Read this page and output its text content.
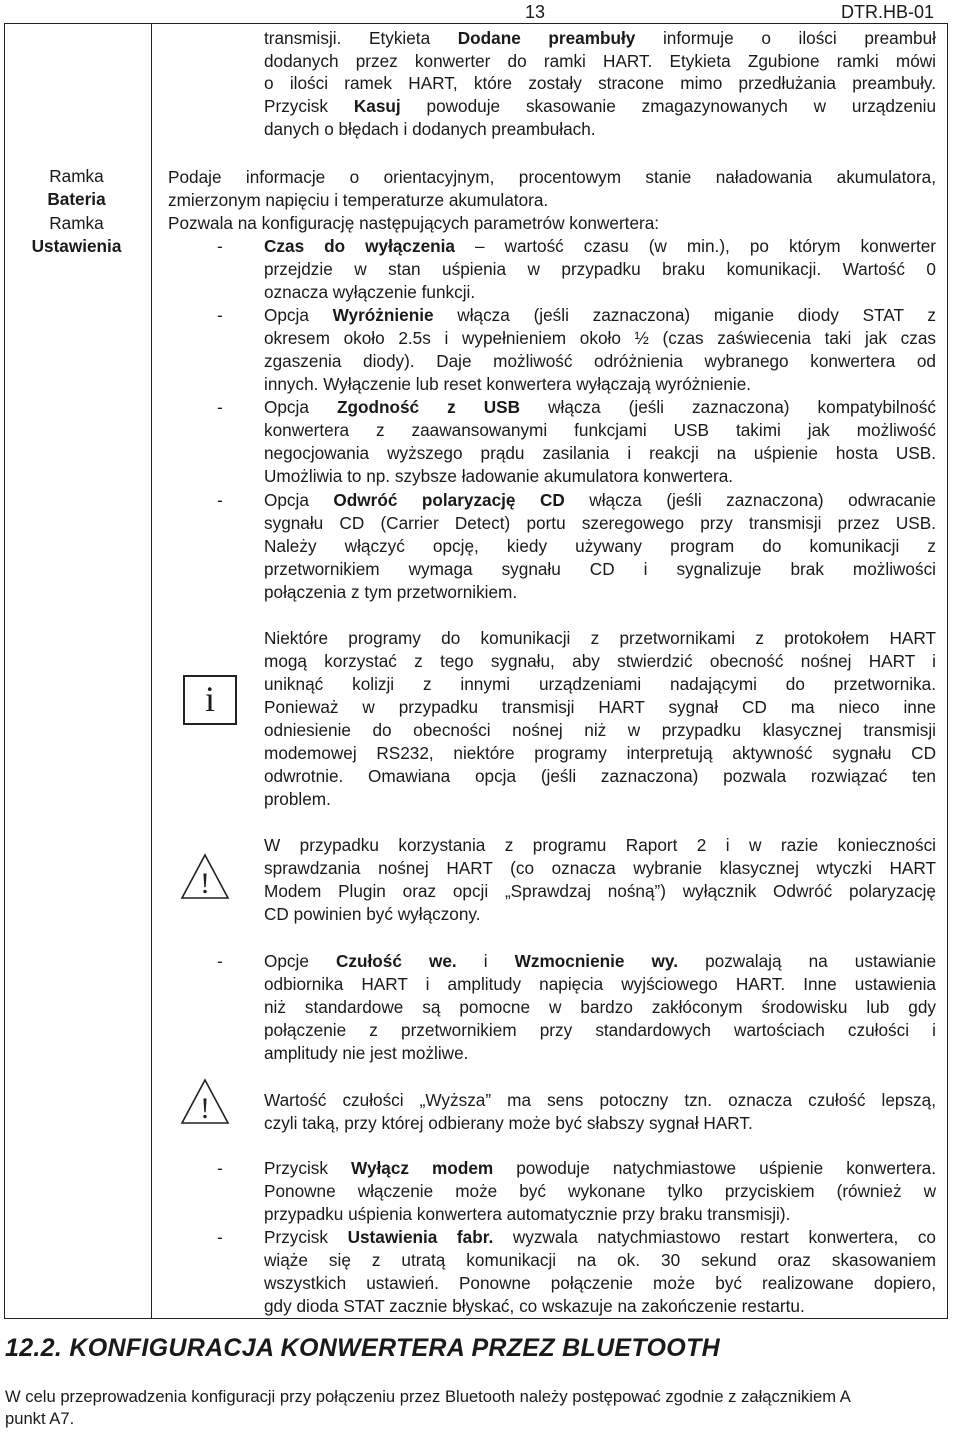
13	DTR.HB-01
transmisji. Etykieta Dodane preambuły informuje o ilości preambuł
dodanych przez konwerter do ramki HART. Etykieta Zgubione ramki mówi
o ilości ramek HART, które zostały stracone mimo przedłużania preambuły.
Przycisk Kasuj powoduje skasowanie zmagazynowanych w urządzeniu
danych o błędach i dodanych preambułach.
Ramka
Bateria
Ramka
Ustawienia
Podaje informacje o orientacyjnym, procentowym stanie naładowania akumulatora,
zmierzonym napięciu i temperaturze akumulatora.
Pozwala na konfigurację następujących parametrów konwertera:
- Czas do wyłączenia – wartość czasu (w min.), po którym konwerter
przejdzie w stan uśpienia w przypadku braku komunikacji. Wartość 0
oznacza wyłączenie funkcji.
- Opcja Wyróżnienie włącza (jeśli zaznaczona) miganie diody STAT z
okresem około 2.5s i wypełnieniem około ½ (czas zaświecenia taki jak czas
zgaszenia diody). Daje możliwość odróżnienia wybranego konwertera od
innych. Wyłączenie lub reset konwertera wyłączają wyróżnienie.
- Opcja Zgodność z USB włącza (jeśli zaznaczona) kompatybilność
konwertera z zaawansowanymi funkcjami USB takimi jak możliwość
negocjowania wyższego prądu zasilania i reakcji na uśpienie hosta USB.
Umożliwia to np. szybsze ładowanie akumulatora konwertera.
- Opcja Odwróć polaryzację CD włącza (jeśli zaznaczona) odwracanie
sygnału CD (Carrier Detect) portu szeregowego przy transmisji przez USB.
Należy włączyć opcję, kiedy używany program do komunikacji z
przetwornikiem wymaga sygnału CD i sygnalizuje brak możliwości
połączenia z tym przetwornikiem.
i
Niektóre programy do komunikacji z przetwornikami z protokołem HART
mogą korzystać z tego sygnału, aby stwierdzić obecność nośnej HART i
uniknąć kolizji z innymi urządzeniami nadającymi do przetwornika.
Ponieważ w przypadku transmisji HART sygnał CD ma nieco inne
odniesienie do obecności nośnej niż w przypadku klasycznej transmisji
modemowej RS232, niektóre programy interpretują aktywność sygnału CD
odwrotnie. Omawiana opcja (jeśli zaznaczona) pozwala rozwiązać ten
problem.
!
W przypadku korzystania z programu Raport 2 i w razie konieczności
sprawdzania nośnej HART (co oznacza wybranie klasycznej wtyczki HART
Modem Plugin oraz opcji „Sprawdzaj nośną”) wyłącznik Odwróć polaryzację
CD powinien być wyłączony.
- Opcje Czułość we. i Wzmocnienie wy. pozwalają na ustawianie
odbiornika HART i amplitudy napięcia wyjściowego HART. Inne ustawienia
niż standardowe są pomocne w bardzo zakłóconym środowisku lub gdy
połączenie z przetwornikiem przy standardowych wartościach czułości i
amplitudy nie jest możliwe.
!	Wartość czułości „Wyższa” ma sens potoczny tzn. oznacza czułość lepszą,
czyli taką, przy której odbierany może być słabszy sygnał HART.
- Przycisk Wyłącz modem powoduje natychmiastowe uśpienie konwertera.
Ponowne włączenie może być wykonane tylko przyciskiem (również w
przypadku uśpienia konwertera automatycznie przy braku transmisji).
- Przycisk Ustawienia fabr. wyzwala natychmiastowo restart konwertera, co
wiąże się z utratą komunikacji na ok. 30 sekund oraz skasowaniem
wszystkich ustawień. Ponowne połączenie może być realizowane dopiero,
gdy dioda STAT zacznie błyskać, co wskazuje na zakończenie restartu.
12.2. KONFIGURACJA KONWERTERA PRZEZ BLUETOOTH
W celu przeprowadzenia konfiguracji przy połączeniu przez Bluetooth należy postępować zgodnie z załącznikiem A
punkt A7.
